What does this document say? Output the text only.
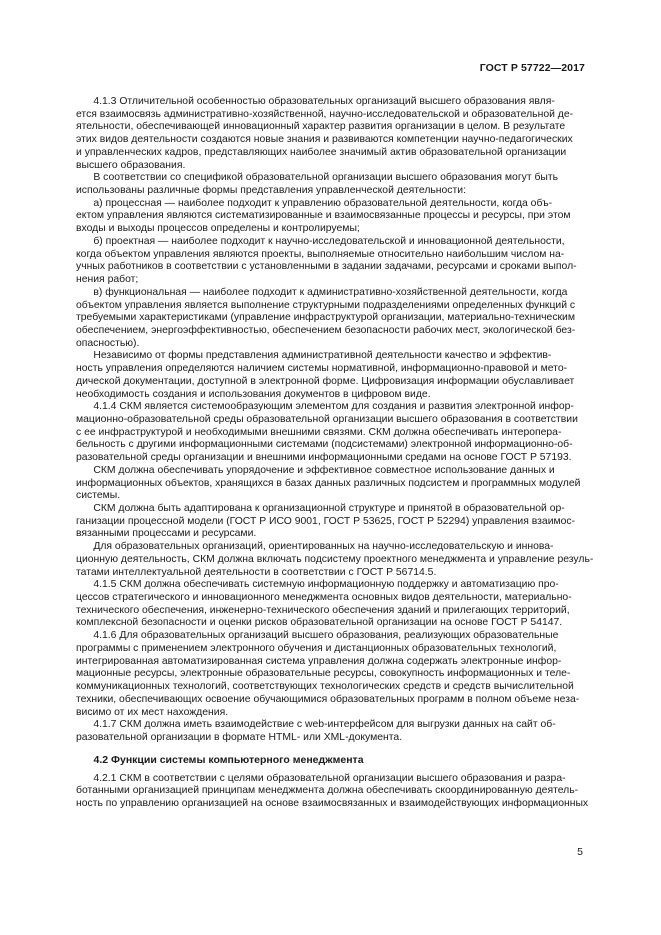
ГОСТ Р 57722—2017

4.1.3 Отличительной особенностью образовательных организаций высшего образования явля-

ется взаимосвязь административно-хозяйственной, научно-исследовательской и образовательной де-

ятельности, обеспечивающей инновационный характер развития организации в целом. В результате

этих видов деятельности создаются новые знания и развиваются компетенции научно-педагогических

и управленческих кадров, представляющих наиболее значимый актив образовательной организации

высшего образования.

В соответствии со спецификой образовательной организации высшего образования могут быть

использованы различные формы представления управленческой деятельности:

а) процессная — наиболее подходит к управлению образовательной деятельности, когда объ-

ектом управления являются систематизированные и взаимосвязанные процессы и ресурсы, при этом

входы и выходы процессов определены и контролируемы;

б) проектная — наиболее подходит к научно-исследовательской и инновационной деятельности,

когда объектом управления являются проекты, выполняемые относительно наибольшим числом на-

учных работников в соответствии с установленными в задании задачами, ресурсами и сроками выпол-

нения работ;

в) функциональная — наиболее подходит к административно-хозяйственной деятельности, когда

объектом управления является выполнение структурными подразделениями определенных функций с

требуемыми характеристиками (управление инфраструктурой организации, материально-техническим

обеспечением, энергоэффективностью, обеспечением безопасности рабочих мест, экологической без-

опасностью).

Независимо от формы представления административной деятельности качество и эффектив-

ность управления определяются наличием системы нормативной, информационно-правовой и мето-

дической документации, доступной в электронной форме. Цифровизация информации обуславливает

необходимость создания и использования документов в цифровом виде.

4.1.4 СКМ является системообразующим элементом для создания и развития электронной инфор-

мационно-образовательной среды образовательной организации высшего образования в соответствии

с ее инфраструктурой и необходимыми внешними связями. СКМ должна обеспечивать интеропера-

бельность с другими информационными системами (подсистемами) электронной информационно-об-

разовательной среды организации и внешними информационными средами на основе ГОСТ Р 57193.

СКМ должна обеспечивать упорядочение и эффективное совместное использование данных и

информационных объектов, хранящихся в базах данных различных подсистем и программных модулей

системы.

СКМ должна быть адаптирована к организационной структуре и принятой в образовательной ор-

ганизации процессной модели (ГОСТ Р ИСО 9001, ГОСТ Р 53625, ГОСТ Р 52294) управления взаимос-

вязанными процессами и ресурсами.

Для образовательных организаций, ориентированных на научно-исследовательскую и иннова-

ционную деятельность, СКМ должна включать подсистему проектного менеджмента и управление резуль-

татами интеллектуальной деятельности в соответствии с ГОСТ Р 56714.5.

4.1.5 СКМ должна обеспечивать системную информационную поддержку и автоматизацию про-

цессов стратегического и инновационного менеджмента основных видов деятельности, материально-

технического обеспечения, инженерно-технического обеспечения зданий и прилегающих территорий,

комплексной безопасности и оценки рисков образовательной организации на основе ГОСТ Р 54147.

4.1.6 Для образовательных организаций высшего образования, реализующих образовательные

программы с применением электронного обучения и дистанционных образовательных технологий,

интегрированная автоматизированная система управления должна содержать электронные инфор-

мационные ресурсы, электронные образовательные ресурсы, совокупность информационных и теле-

коммуникационных технологий, соответствующих технологических средств и средств вычислительной

техники, обеспечивающих освоение обучающимися образовательных программ в полном объеме неза-

висимо от их мест нахождения.

4.1.7 СКМ должна иметь взаимодействие с web-интерфейсом для выгрузки данных на сайт об-

разовательной организации в формате HTML- или XML-документа.

4.2 Функции системы компьютерного менеджмента

4.2.1 СКМ в соответствии с целями образовательной организации высшего образования и разра-

ботанными организацией принципам менеджмента должна обеспечивать скоординированную деятель-

ность по управлению организацией на основе взаимосвязанных и взаимодействующих информационных

5
